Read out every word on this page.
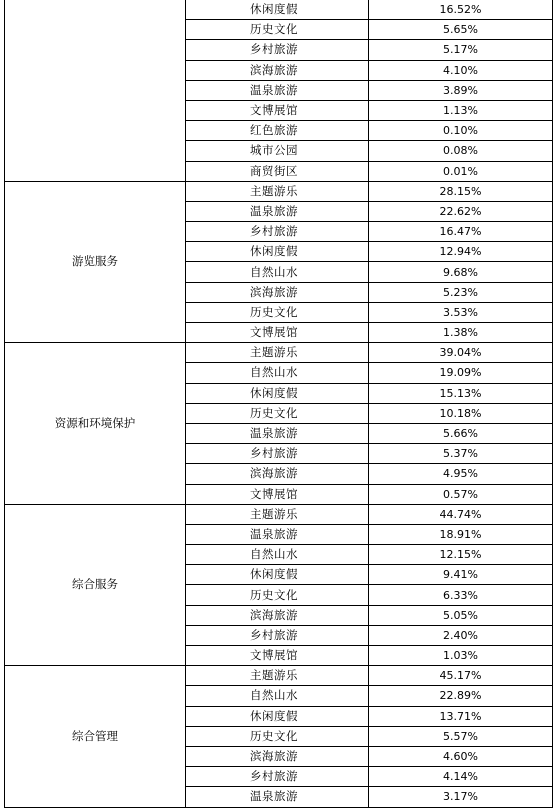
	休闲度假	16.52%
	历史文化	5.65%
	乡村旅游	5.17%
	滨海旅游	4.10%
	温泉旅游	3.89%
	文博展馆	1.13%
	红色旅游	0.10%
	城市公园	0.08%
	商贸街区	0.01%
游览服务	主题游乐	28.15%
	温泉旅游	22.62%
	乡村旅游	16.47%
	休闲度假	12.94%
	自然山水	9.68%
	滨海旅游	5.23%
	历史文化	3.53%
	文博展馆	1.38%
资源和环境保护	主题游乐	39.04%
	自然山水	19.09%
	休闲度假	15.13%
	历史文化	10.18%
	温泉旅游	5.66%
	乡村旅游	5.37%
	滨海旅游	4.95%
	文博展馆	0.57%
综合服务	主题游乐	44.74%
	温泉旅游	18.91%
	自然山水	12.15%
	休闲度假	9.41%
	历史文化	6.33%
	滨海旅游	5.05%
	乡村旅游	2.40%
	文博展馆	1.03%
综合管理	主题游乐	45.17%
	自然山水	22.89%
	休闲度假	13.71%
	历史文化	5.57%
	滨海旅游	4.60%
	乡村旅游	4.14%
	温泉旅游	3.17%
